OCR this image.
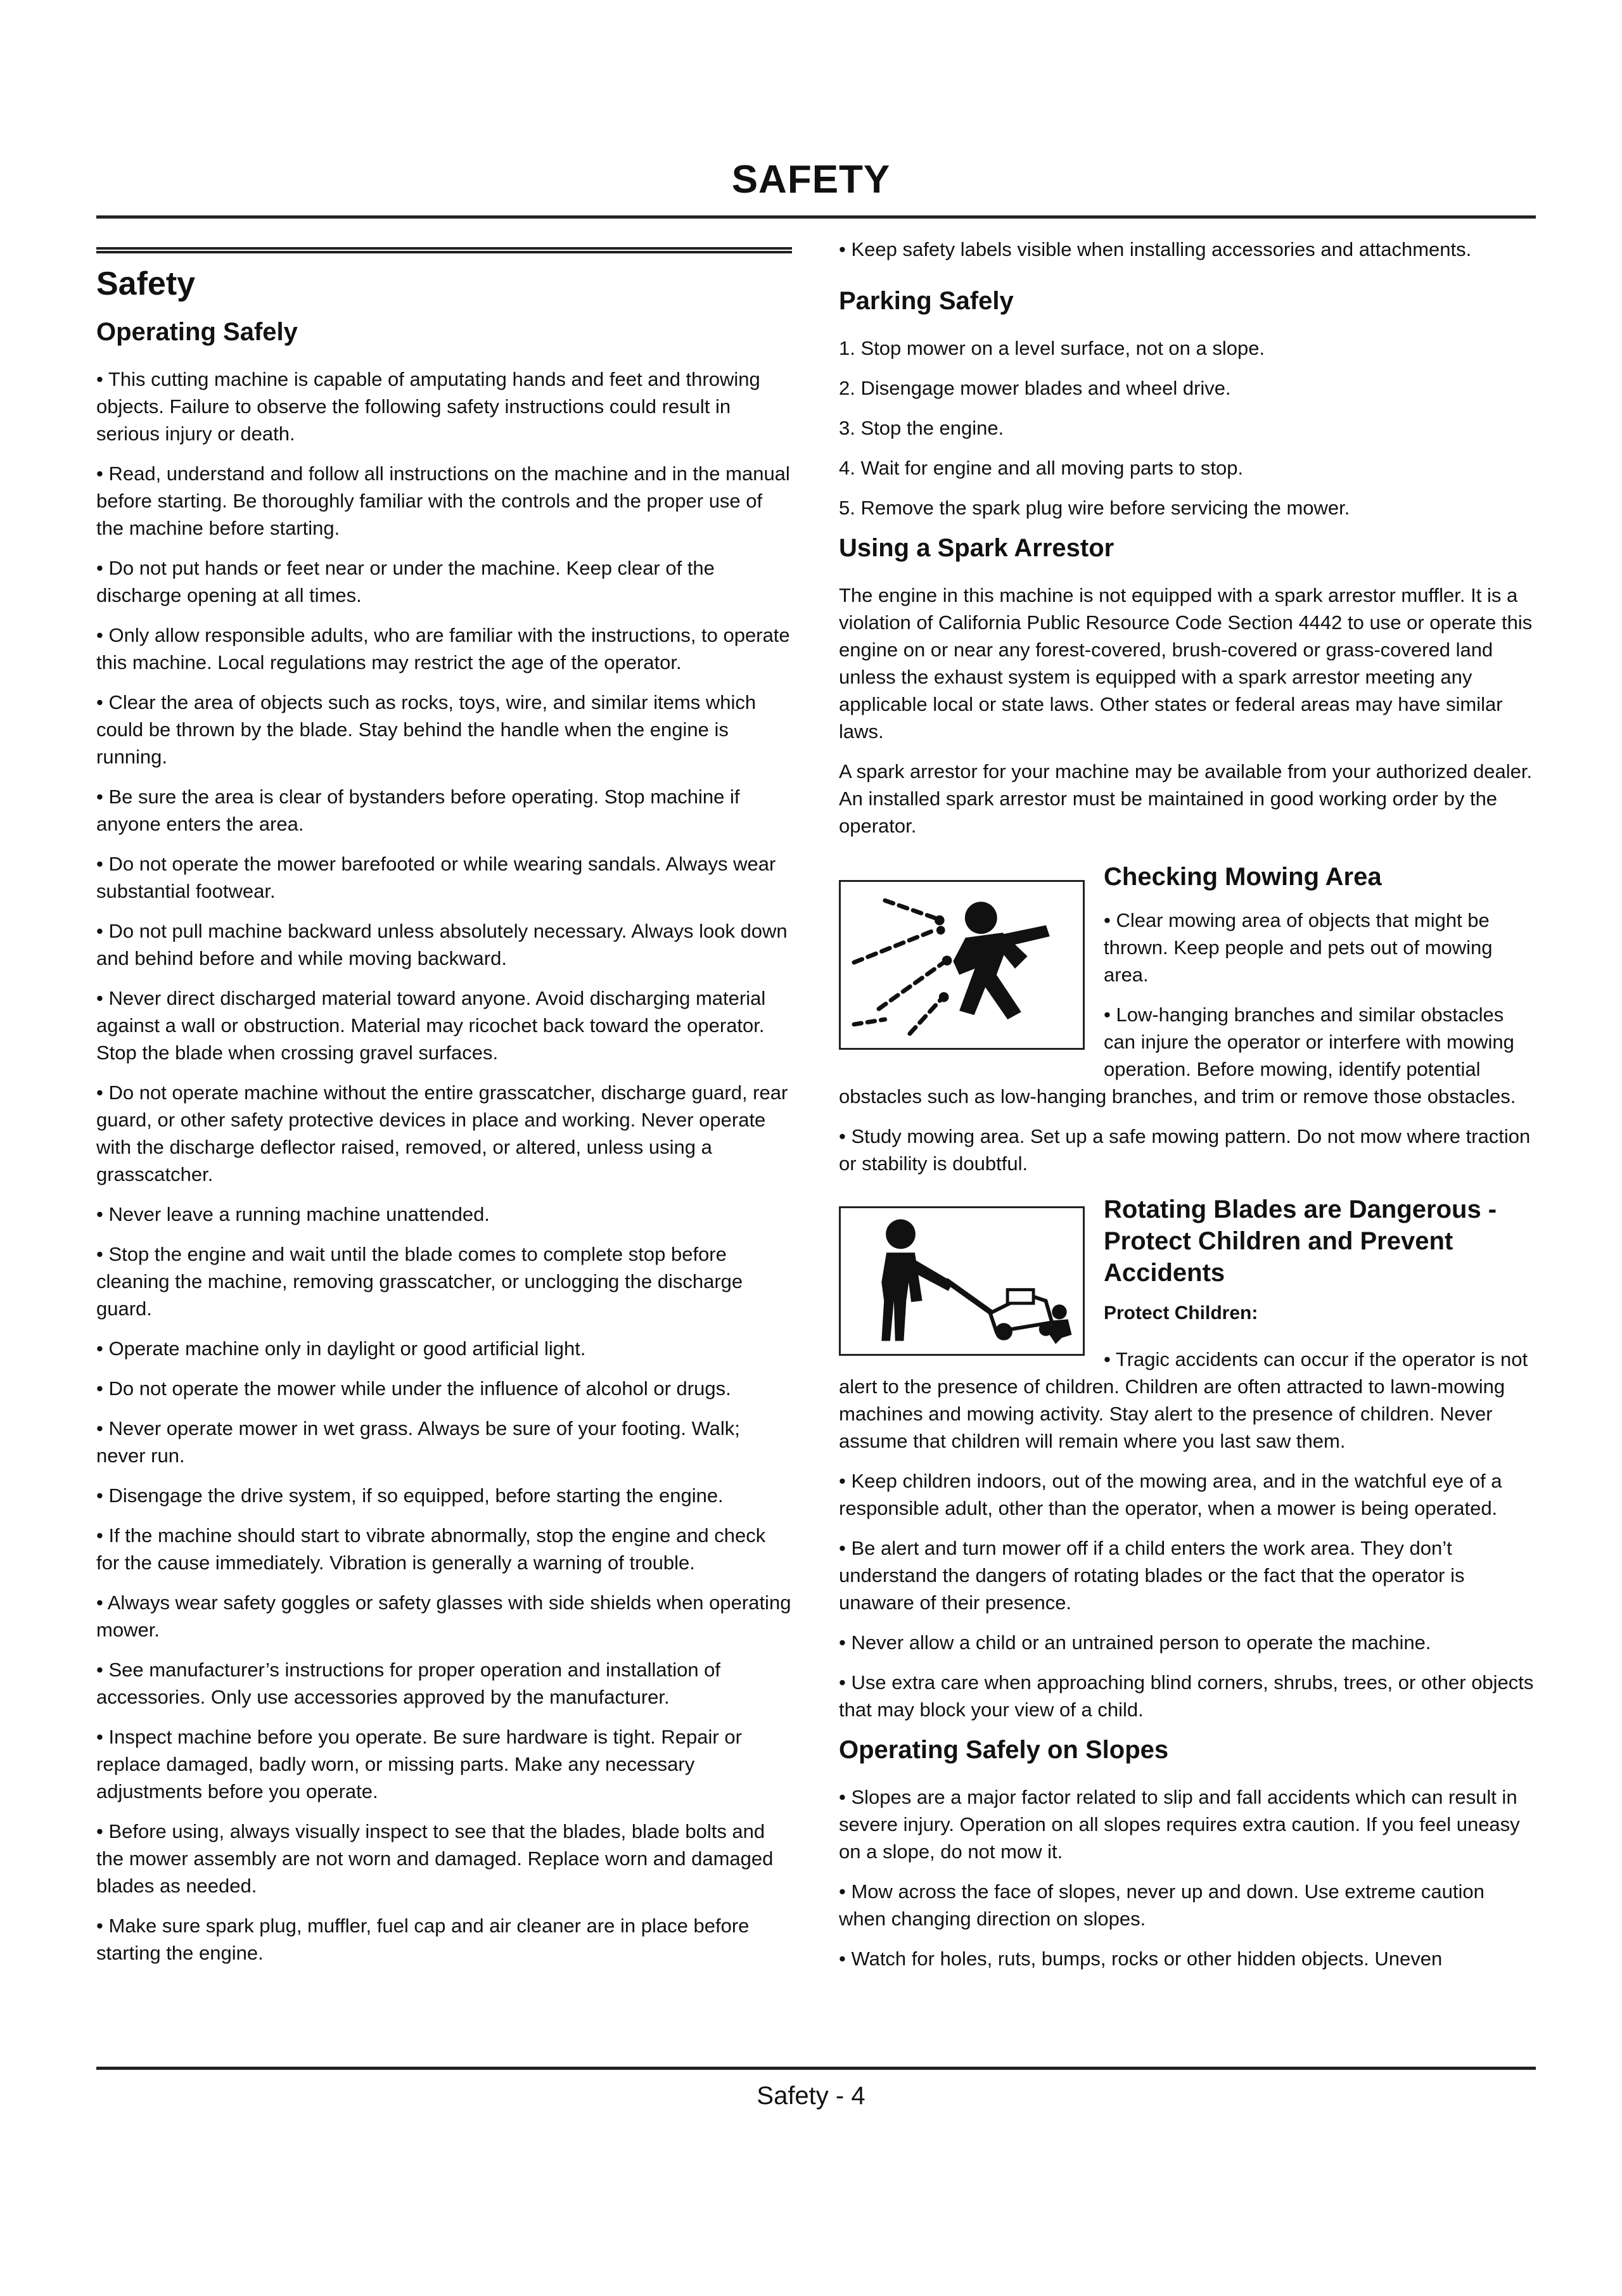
SAFETY
Safety
Operating Safely

• This cutting machine is capable of amputating hands and feet and throwing objects. Failure to observe the following safety instructions could result in serious injury or death.

• Read, understand and follow all instructions on the machine and in the manual before starting. Be thoroughly familiar with the controls and the proper use of the machine before starting.

• Do not put hands or feet near or under the machine. Keep clear of the discharge opening at all times.

• Only allow responsible adults, who are familiar with the instructions, to operate this machine. Local regulations may restrict the age of the operator.

• Clear the area of objects such as rocks, toys, wire, and similar items which could be thrown by the blade. Stay behind the handle when the engine is running.

• Be sure the area is clear of bystanders before operating. Stop machine if anyone enters the area.

• Do not operate the mower barefooted or while wearing sandals. Always wear substantial footwear.

• Do not pull machine backward unless absolutely necessary. Always look down and behind before and while moving backward.

• Never direct discharged material toward anyone. Avoid discharging material against a wall or obstruction. Material may ricochet back toward the operator. Stop the blade when crossing gravel surfaces.

• Do not operate machine without the entire grasscatcher, discharge guard, rear guard, or other safety protective devices in place and working. Never operate with the discharge deflector raised, removed, or altered, unless using a grasscatcher.

• Never leave a running machine unattended.

• Stop the engine and wait until the blade comes to complete stop before cleaning the machine, removing grasscatcher, or unclogging the discharge guard.

• Operate machine only in daylight or good artificial light.

• Do not operate the mower while under the influence of alcohol or drugs.

• Never operate mower in wet grass. Always be sure of your footing. Walk; never run.

• Disengage the drive system, if so equipped, before starting the engine.

• If the machine should start to vibrate abnormally, stop the engine and check for the cause immediately. Vibration is generally a warning of trouble.

• Always wear safety goggles or safety glasses with side shields when operating mower.

• See manufacturer’s instructions for proper operation and installation of accessories. Only use accessories approved by the manufacturer.

• Inspect machine before you operate. Be sure hardware is tight. Repair or replace damaged, badly worn, or missing parts. Make any necessary adjustments before you operate.

• Before using, always visually inspect to see that the blades, blade bolts and the mower assembly are not worn and damaged. Replace worn and damaged blades as needed.

• Make sure spark plug, muffler, fuel cap and air cleaner are in place before starting the engine.

• Keep safety labels visible when installing accessories and attachments.

Parking Safely

1. Stop mower on a level surface, not on a slope.

2. Disengage mower blades and wheel drive.

3. Stop the engine.

4. Wait for engine and all moving parts to stop.

5. Remove the spark plug wire before servicing the mower.

Using a Spark Arrestor

The engine in this machine is not equipped with a spark arrestor muffler. It is a violation of California Public Resource Code Section 4442 to use or operate this engine on or near any forest-covered, brush-covered or grass-covered land unless the exhaust system is equipped with a spark arrestor meeting any applicable local or state laws. Other states or federal areas may have similar laws.

A spark arrestor for your machine may be available from your authorized dealer. An installed spark arrestor must be maintained in good working order by the operator.

Checking Mowing Area

• Clear mowing area of objects that might be thrown. Keep people and pets out of mowing area.

• Low-hanging branches and similar obstacles can injure the operator or interfere with mowing operation. Before mowing, identify potential obstacles such as low-hanging branches, and trim or remove those obstacles.

• Study mowing area. Set up a safe mowing pattern. Do not mow where traction or stability is doubtful.

Rotating Blades are Dangerous - Protect Children and Prevent Accidents
Protect Children:

• Tragic accidents can occur if the operator is not alert to the presence of children. Children are often attracted to lawn-mowing machines and mowing activity. Stay alert to the presence of children. Never assume that children will remain where you last saw them.

• Keep children indoors, out of the mowing area, and in the watchful eye of a responsible adult, other than the operator, when a mower is being operated.

• Be alert and turn mower off if a child enters the work area. They don’t understand the dangers of rotating blades or the fact that the operator is unaware of their presence.

• Never allow a child or an untrained person to operate the machine.

• Use extra care when approaching blind corners, shrubs, trees, or other objects that may block your view of a child.

Operating Safely on Slopes

• Slopes are a major factor related to slip and fall accidents which can result in severe injury. Operation on all slopes requires extra caution. If you feel uneasy on a slope, do not mow it.

• Mow across the face of slopes, never up and down. Use extreme caution when changing direction on slopes.

• Watch for holes, ruts, bumps, rocks or other hidden objects. Uneven

Safety - 4
